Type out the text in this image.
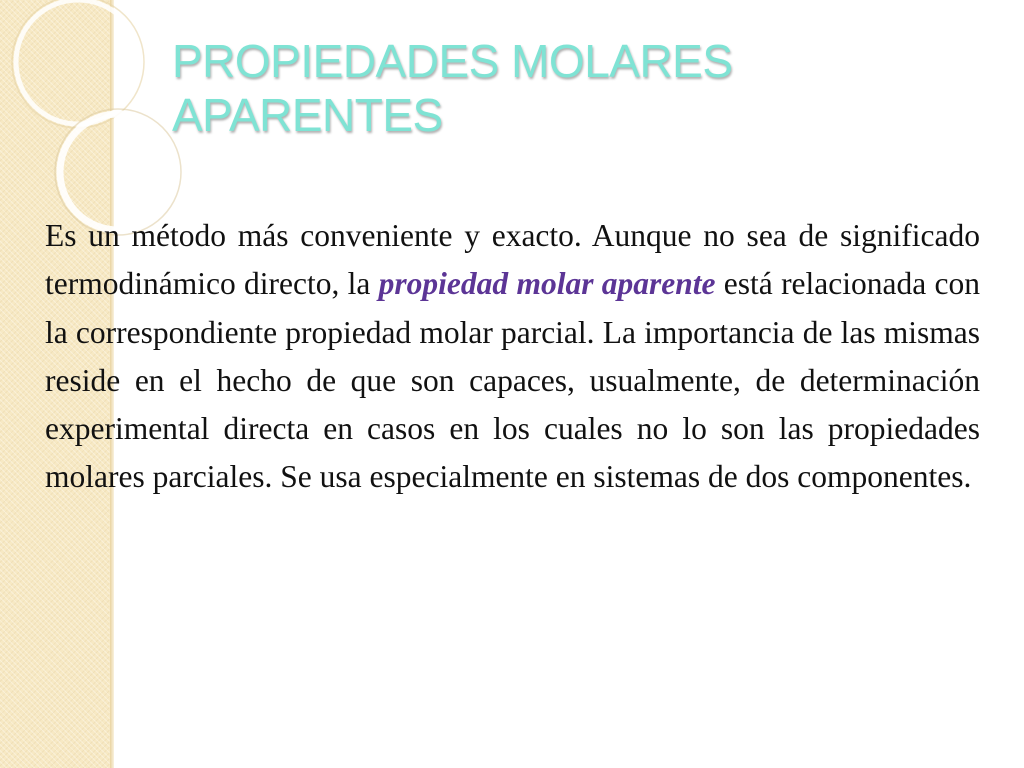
PROPIEDADES MOLARES
APARENTES

Es un método más conveniente y exacto. Aunque no sea de significado termodinámico directo, la propiedad molar aparente está relacionada con la correspondiente propiedad molar parcial. La importancia de las mismas reside en el hecho de que son capaces, usualmente, de determinación experimental directa en casos en los cuales no lo son las propiedades molares parciales. Se usa especialmente en sistemas de dos componentes.
